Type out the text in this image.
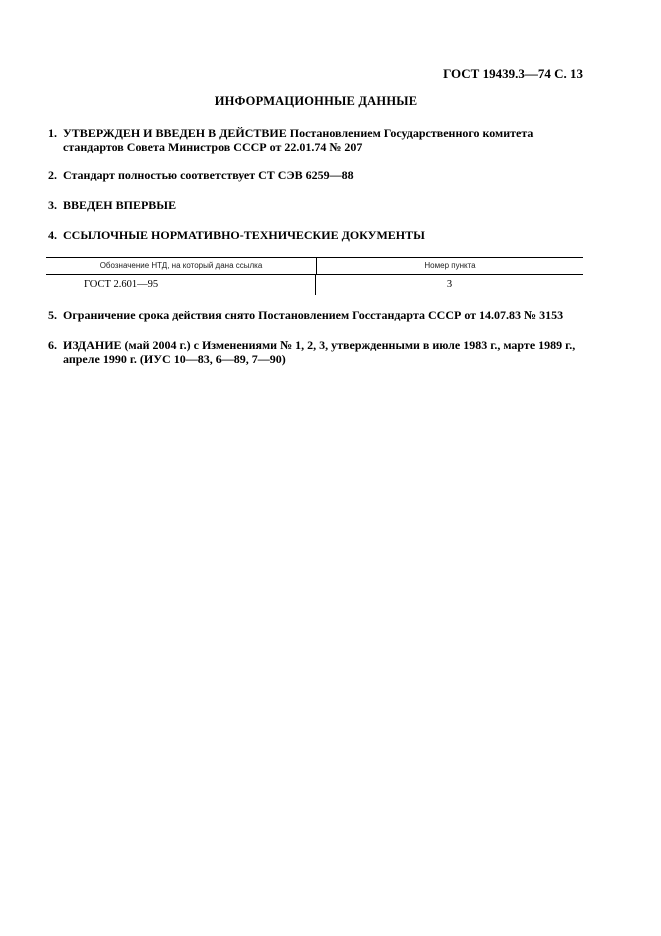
ГОСТ 19439.3—74 С. 13
ИНФОРМАЦИОННЫЕ ДАННЫЕ
1. УТВЕРЖДЕН И ВВЕДЕН В ДЕЙСТВИЕ Постановлением Государственного комитета стандартов Совета Министров СССР от 22.01.74 № 207
2. Стандарт полностью соответствует СТ СЭВ 6259—88
3. ВВЕДЕН ВПЕРВЫЕ
4. ССЫЛОЧНЫЕ НОРМАТИВНО-ТЕХНИЧЕСКИЕ ДОКУМЕНТЫ
Обозначение НТД, на который дана ссылка	Номер пункта
ГОСТ 2.601—95	3
5. Ограничение срока действия снято Постановлением Госстандарта СССР от 14.07.83 № 3153
6. ИЗДАНИЕ (май 2004 г.) с Изменениями № 1, 2, 3, утвержденными в июле 1983 г., марте 1989 г., апреле 1990 г. (ИУС 10—83, 6—89, 7—90)
